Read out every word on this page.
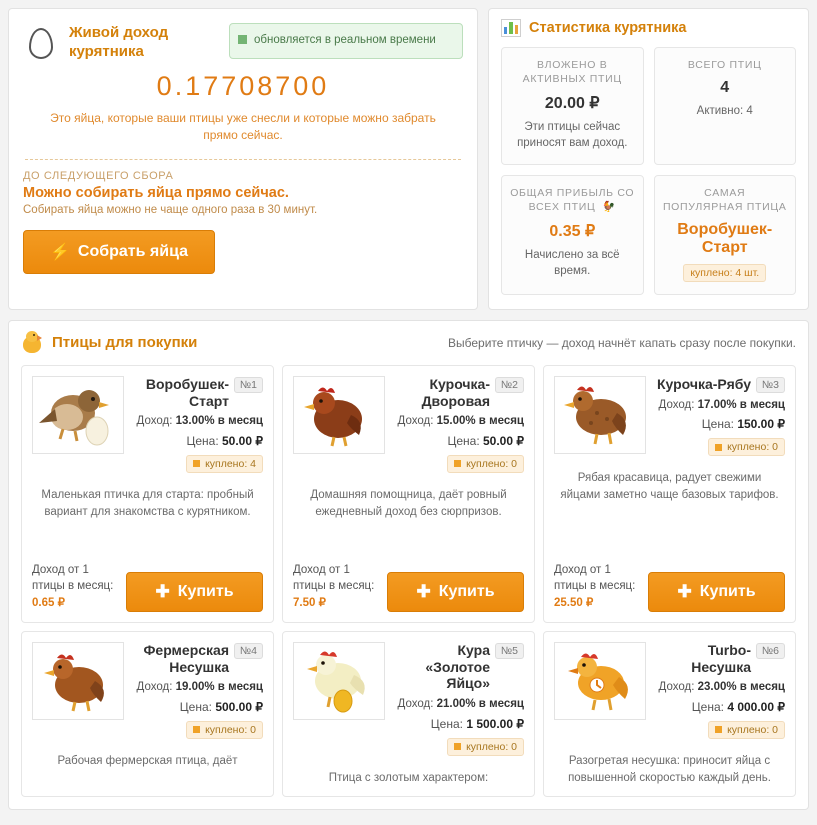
Живой доход курятника
обновляется в реальном времени
0.17708700
Это яйца, которые ваши птицы уже снесли и которые можно забрать прямо сейчас.
ДО СЛЕДУЮЩЕГО СБОРА
Можно собирать яйца прямо сейчас.
Собирать яйца можно не чаще одного раза в 30 минут.
⚡ Собрать яйца
Статистика курятника
ВЛОЖЕНО В АКТИВНЫХ ПТИЦ
20.00 ₽
Эти птицы сейчас приносят вам доход.
ВСЕГО ПТИЦ
4
Активно: 4
ОБЩАЯ ПРИБЫЛЬ СО ВСЕХ ПТИЦ 🐓
0.35 ₽
Начислено за всё время.
САМАЯ ПОПУЛЯРНАЯ ПТИЦА
Воробушек-Старт
куплено: 4 шт.
Птицы для покупки	Выберите птичку — доход начнёт капать сразу после покупки.
Воробушек-Старт
№1
Доход: 13.00% в месяц
Цена: 50.00 ₽
куплено: 4
Маленькая птичка для старта: пробный вариант для знакомства с курятником.
Доход от 1 птицы в месяц:
0.65 ₽
✚ Купить
Курочка-Дворовая
№2
Доход: 15.00% в месяц
Цена: 50.00 ₽
куплено: 0
Домашняя помощница, даёт ровный ежедневный доход без сюрпризов.
Доход от 1 птицы в месяц:
7.50 ₽
✚ Купить
Курочка-Рябу	№3
Доход: 17.00% в месяц
Цена: 150.00 ₽
куплено: 0
Рябая красавица, радует свежими яйцами заметно чаще базовых тарифов.
Доход от 1 птицы в месяц:
25.50 ₽
✚ Купить
Фермерская Несушка
№4
Доход: 19.00% в месяц
Цена: 500.00 ₽
куплено: 0
Рабочая фермерская птица, даёт
Кура «Золотое Яйцо»
№5
Доход: 21.00% в месяц
Цена: 1 500.00 ₽
куплено: 0
Птица с золотым характером:
Turbo-Несушка
№6
Доход: 23.00% в месяц
Цена: 4 000.00 ₽
куплено: 0
Разогретая несушка: приносит яйца с повышенной скоростью каждый день.
